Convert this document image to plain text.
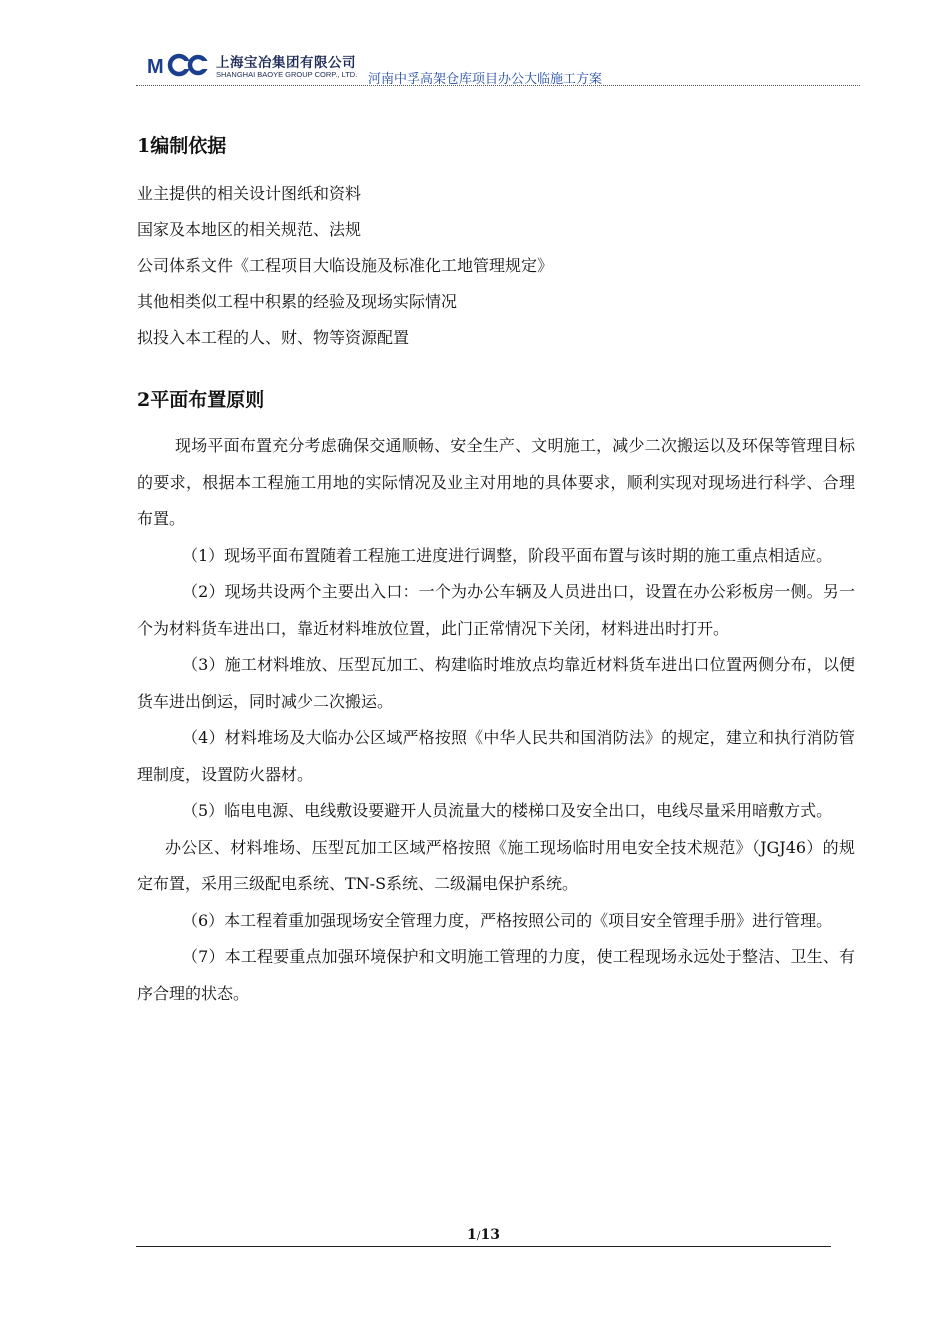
M	上海宝冶集团有限公司
SHANGHAI BAOYE GROUP CORP., LTD. 河南中孚高架仓库项目办公大临施工方案
1编制依据
业主提供的相关设计图纸和资料
国家及本地区的相关规范、法规
公司体系文件《工程项目大临设施及标准化工地管理规定》
其他相类似工程中积累的经验及现场实际情况
拟投入本工程的人、财、物等资源配置
2平面布置原则

现场平面布置充分考虑确保交通顺畅、安全生产、文明施工，减少二次搬运以及环保等管理目标的要求，根据本工程施工用地的实际情况及业主对用地的具体要求，顺利实现对现场进行科学、合理布置。

（1）现场平面布置随着工程施工进度进行调整，阶段平面布置与该时期的施工重点相适应。

（2）现场共设两个主要出入口：一个为办公车辆及人员进出口，设置在办公彩板房一侧。另一个为材料货车进出口，靠近材料堆放位置，此门正常情况下关闭，材料进出时打开。

（3）施工材料堆放、压型瓦加工、构建临时堆放点均靠近材料货车进出口位置两侧分布，以便货车进出倒运，同时减少二次搬运。

（4）材料堆场及大临办公区域严格按照《中华人民共和国消防法》的规定，建立和执行消防管理制度，设置防火器材。

（5）临电电源、电线敷设要避开人员流量大的楼梯口及安全出口，电线尽量采用暗敷方式。

办公区、材料堆场、压型瓦加工区域严格按照《施工现场临时用电安全技术规范》（JGJ46）的规定布置，采用三级配电系统、TN-S系统、二级漏电保护系统。

（6）本工程着重加强现场安全管理力度，严格按照公司的《项目安全管理手册》进行管理。

（7）本工程要重点加强环境保护和文明施工管理的力度，使工程现场永远处于整洁、卫生、有序合理的状态。

1/13
